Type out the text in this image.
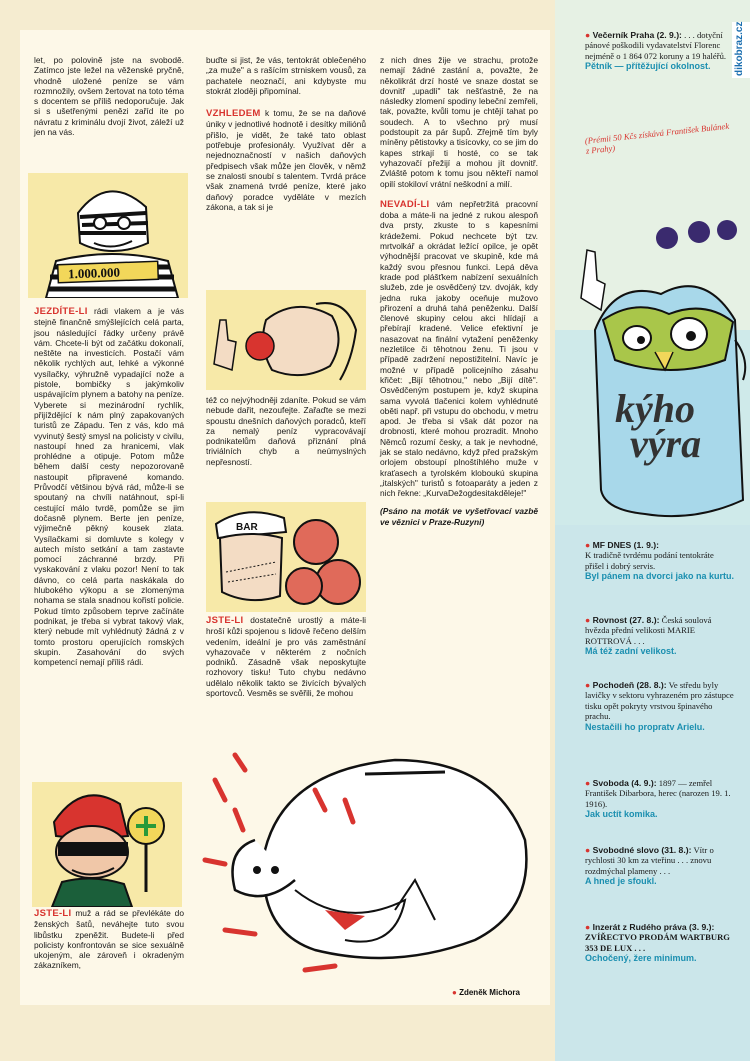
let, po polovině jste na svobodě. Zatímco jste ležel na věženské pryčně, vhodně uložené peníze se vám rozmnožily, ovšem žertovat na toto téma s docentem se příliš nedoporučuje. Jak si s ušetřenými penězi zaříd ite po návratu z kriminálu dvojí život, záleží už jen na vás.

1.000.000

JEZDÍTE-LI rádi vlakem a je vás stejně finančně smýšlejících celá parta, jsou následující řádky určeny právě vám. Chcete-li být od začátku dokonalí, neštěte na investicích. Postačí vám několik rychlých aut, lehké a výkonné vysílačky, výhružně vypadající nože a pistole, bombičky s jakýmkoliv uspávajícím plynem a batohy na peníze. Vyberete si mezinárodní rychlík, přijíždějící k nám plný zapakovaných turistů ze Západu. Ten z vás, kdo má vyvinutý šestý smysl na policisty v civilu, nastoupí hned za hranicemi, vlak prohlédne a otipuje. Potom může během další cesty nepozorovaně nastoupit připravené komando. Průvodčí většinou bývá rád, může-li se spoutaný na chvíli natáhnout, spí-li cestující málo tvrdě, pomůže se jim dočasně plynem. Berte jen peníze, výjimečně pěkný kousek zlata. Vysílačkami si domluvte s kolegy v autech místo setkání a tam zastavte pomocí záchranné brzdy. Při vyskakování z vlaku pozor! Není to tak dávno, co celá parta naskákala do hlubokého výkopu a se zlomenýma nohama se stala snadnou kořistí policie. Pokud tímto způsobem teprve začínáte podnikat, je třeba si vybrat takový vlak, který nebude mít vyhlédnutý žádná z v tomto prostoru operujících romských skupin. Zasahování do svých kompetencí nemají příliš rádi.

JSTE-LI muž a rád se převlékáte do ženských šatů, neváhejte tuto svou libůstku zpeněžit. Budete-li před policisty konfrontován se sice sexuálně ukojeným, ale zároveň i okradeným zákazníkem,

buďte si jist, že vás, tentokrát oblečeného „za muže" a s rašícím strniskem vousů, za pachatele neoznačí, ani kdybyste mu stokrát zloději připomínal.

VZHLEDEM k tomu, že se na daňové úniky v jednotlivé hodnotě i desítky miliónů přišlo, je vidět, že také tato oblast potřebuje profesionály. Využívat děr a nejednoznačností v našich daňových předpisech však může jen člověk, v němž se znalosti snoubí s talentem. Tvrdá práce však znamená tvrdé peníze, které jako daňový poradce vyděláte v mezích zákona, a tak si je

též co nejvýhodněji zdaníte. Pokud se vám nebude dařit, nezoufejte. Zařaďte se mezi spoustu dnešních daňových poradců, kteří za nemalý peníz vypracovávají podnikatelům daňová přiznání plná triviálních chyb a neúmyslných nepřesností.

BAR

JSTE-LI dostatečně urostlý a máte-li hroší kůži spojenou s lidově řečeno delším vedením, ideální je pro vás zaměstnání vyhazovače v některém z nočních podniků. Zásadně však neposkytujte rozhovory tisku! Tuto chybu nedávno udělalo několik takto se živících bývalých sportovců. Vesměs se svěřili, že mohou

z nich dnes žije ve strachu, protože nemají žádné zastání a, považte, že několikrát drzí hosté ve snaze dostat se dovnitř „upadli" tak nešťastně, že na následky zlomení spodiny lebeční zemřeli, tak, považte, kvůli tomu je chtějí tahat po soudech. A to všechno prý musí podstoupit za pár šupů. Zřejmě tím byly míněny pětistovky a tisícovky, co se jim do kapes strkají ti hosté, co se tak vyhazovačí přežijí a mohou jít dovnitř. Zvláště potom k tomu jsou někteří namol opilí stokiloví vrátní neškodní a milí.

NEVADÍ-LI vám nepřetržitá pracovní doba a máte-li na jedné z rukou alespoň dva prsty, zkuste to s kapesními krádežemi. Pokud nechcete být tzv. mrtvolkář a okrádat ležící opilce, je opět výhodnější pracovat ve skupině, kde má každý svou přesnou funkci. Lepá děva krade pod plášťkem nabízení sexuálních služeb, zde je osvědčený tzv. dvoják, kdy jedna ruka jakoby oceňuje mužovo přirození a druhá tahá peněženku. Další členové skupiny celou akci hlídají a přebírají kradené. Velice efektivní je nasazovat na finální vytažení peněženky nezletilce či těhotnou ženu. Ti jsou v případě zadržení nepostižitelní. Navíc je možné v případě policejního zásahu křičet: „Bijí těhotnou," nebo „Bijí dítě". Osvědčeným postupem je, když skupina sama vyvolá tlačenici kolem vyhlédnuté oběti např. při vstupu do obchodu, v metru apod. Je třeba si však dát pozor na drobnosti, které mohou prozradit. Mnoho Němců rozumí česky, a tak je nevhodné, jak se stalo nedávno, když před pražským orlojem obstoupí plnoštíhlého muže v kraťasech a tyrolském kloboukú skupina „italských" turistů s fotoaparáty a jeden z nich řekne: „KurvaDežogdesitakděleje!"

(Psáno na moták ve vyšetřovací vazbě ve věznici v Praze-Ruzyni)

● Zdeněk Michora
dikobraz.cz
● Večerník Praha (2. 9.): . . . dotyční pánové poškodili vydavatelství Florenc nejméně o 1 864 072 koruny a 19 haléřů.
Pětník — přítěžující okolnost.
(Prémii 50 Kčs získává František Bulánek z Prahy)
kýho
výra
● MF DNES (1. 9.):
K tradičně tvrdému podání tentokráte přišel i dobrý servis.
Byl pánem na dvorci jako na kurtu.
● Rovnost (27. 8.): Česká soulová hvězda přední velikosti MARIE ROTTROVÁ . . .
Má též zadní velikost.
● Pochodeň (28. 8.): Ve středu byly lavičky v sektoru vyhrazeném pro zástupce tisku opět pokryty vrstvou špinavého prachu.
Nestačili ho propratv Arielu.
● Svoboda (4. 9.): 1897 — zemřel František Dibarbora, herec (narozen 19. 1. 1916).
Jak uctít komika.
● Svobodné slovo (31. 8.): Vítr o rychlosti 30 km za vteřinu . . . znovu rozdmýchal plameny . . .
A hned je sfoukl.
● Inzerát z Rudého práva (3. 9.):
ZVÍŘECTVO PRODÁM WARTBURG 353 DE LUX . . .
Ochočený, žere minimum.
